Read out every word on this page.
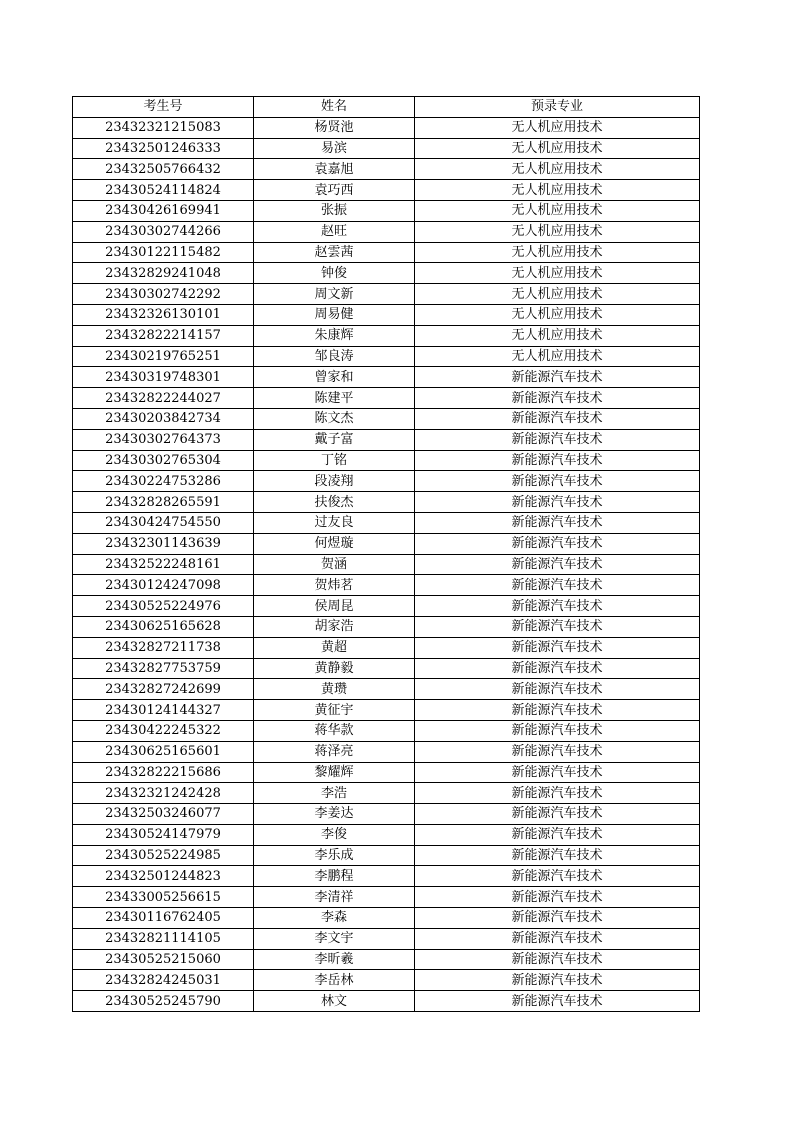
考生号	姓名	预录专业
23432321215083	杨贤池	无人机应用技术
23432501246333	易滨	无人机应用技术
23432505766432	袁嘉旭	无人机应用技术
23430524114824	袁巧西	无人机应用技术
23430426169941	张振	无人机应用技术
23430302744266	赵旺	无人机应用技术
23430122115482	赵雲茜	无人机应用技术
23432829241048	钟俊	无人机应用技术
23430302742292	周文新	无人机应用技术
23432326130101	周易健	无人机应用技术
23432822214157	朱康辉	无人机应用技术
23430219765251	邹良涛	无人机应用技术
23430319748301	曾家和	新能源汽车技术
23432822244027	陈建平	新能源汽车技术
23430203842734	陈文杰	新能源汽车技术
23430302764373	戴子富	新能源汽车技术
23430302765304	丁铭	新能源汽车技术
23430224753286	段凌翔	新能源汽车技术
23432828265591	扶俊杰	新能源汽车技术
23430424754550	过友良	新能源汽车技术
23432301143639	何煜璇	新能源汽车技术
23432522248161	贺涵	新能源汽车技术
23430124247098	贺炜茗	新能源汽车技术
23430525224976	侯周昆	新能源汽车技术
23430625165628	胡家浩	新能源汽车技术
23432827211738	黄超	新能源汽车技术
23432827753759	黄静毅	新能源汽车技术
23432827242699	黄瓒	新能源汽车技术
23430124144327	黄征宇	新能源汽车技术
23430422245322	蒋华款	新能源汽车技术
23430625165601	蒋泽亮	新能源汽车技术
23432822215686	黎耀辉	新能源汽车技术
23432321242428	李浩	新能源汽车技术
23432503246077	李姜达	新能源汽车技术
23430524147979	李俊	新能源汽车技术
23430525224985	李乐成	新能源汽车技术
23432501244823	李鹏程	新能源汽车技术
23433005256615	李清祥	新能源汽车技术
23430116762405	李森	新能源汽车技术
23432821114105	李文宇	新能源汽车技术
23430525215060	李昕羲	新能源汽车技术
23432824245031	李岳林	新能源汽车技术
23430525245790	林文	新能源汽车技术
